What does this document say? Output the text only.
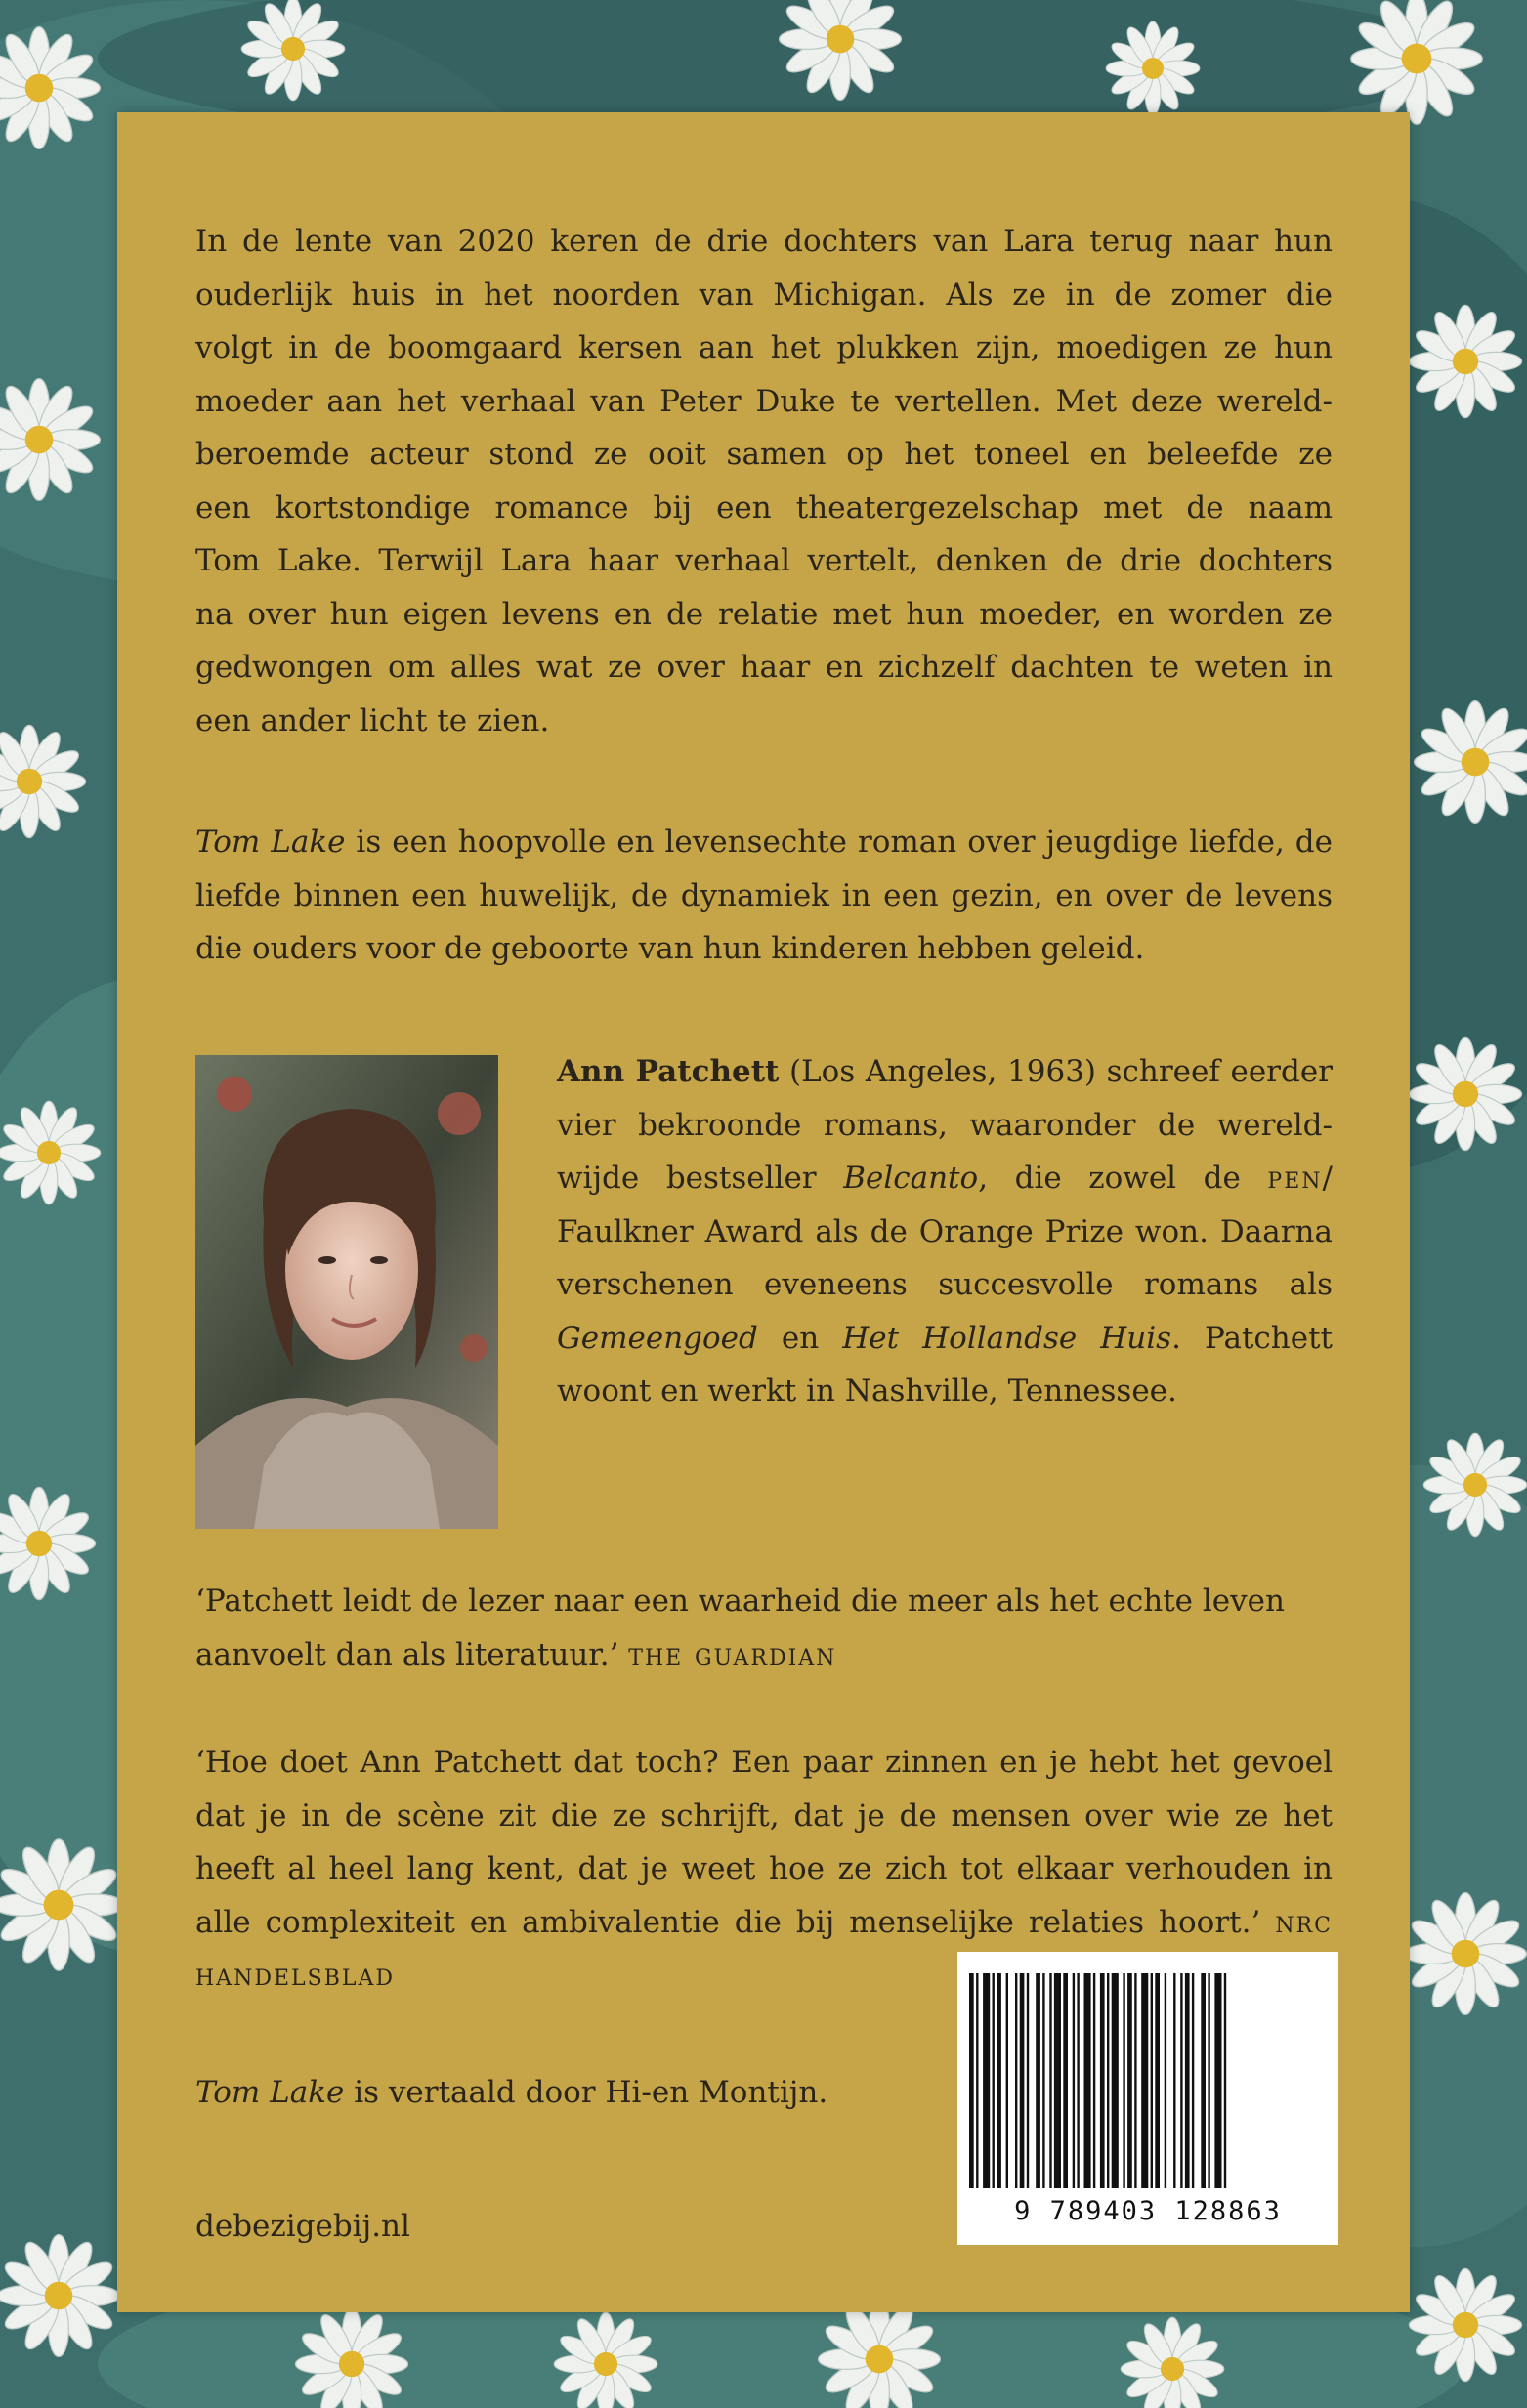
In de lente van 2020 keren de drie dochters van Lara terug naar hun
ouderlijk huis in het noorden van Michigan. Als ze in de zomer die
volgt in de boomgaard kersen aan het plukken zijn, moedigen ze hun
moeder aan het verhaal van Peter Duke te vertellen. Met deze wereld-
beroemde acteur stond ze ooit samen op het toneel en beleefde ze
een kortstondige romance bij een theatergezelschap met de naam
Tom Lake. Terwijl Lara haar verhaal vertelt, denken de drie dochters
na over hun eigen levens en de relatie met hun moeder, en worden ze
gedwongen om alles wat ze over haar en zichzelf dachten te weten in
een ander licht te zien.

Tom Lake is een hoopvolle en levensechte roman over jeugdige liefde, de liefde binnen een huwelijk, de dynamiek in een gezin, en over de levens die ouders voor de geboorte van hun kinderen hebben geleid.

Ann Patchett (Los Angeles, 1963) schreef eerder vier bekroonde romans, waaronder de wereldwijde bestseller Belcanto, die zowel de pen/ Faulkner Award als de Orange Prize won. Daarna verschenen eveneens succesvolle romans als Gemeengoed en Het Hollandse Huis. Patchett woont en werkt in Nashville, Tennessee.

‘Patchett leidt de lezer naar een waarheid die meer als het echte leven aanvoelt dan als literatuur.’ the guardian

‘Hoe doet Ann Patchett dat toch? Een paar zinnen en je hebt het gevoel dat je in de scène zit die ze schrijft, dat je de mensen over wie ze het heeft al heel lang kent, dat je weet hoe ze zich tot elkaar verhouden in alle complexiteit en ambivalentie die bij menselijke relaties hoort.’ nrc handelsblad

Tom Lake is vertaald door Hi-en Montijn.

debezigebij.nl	9 789403 128863
